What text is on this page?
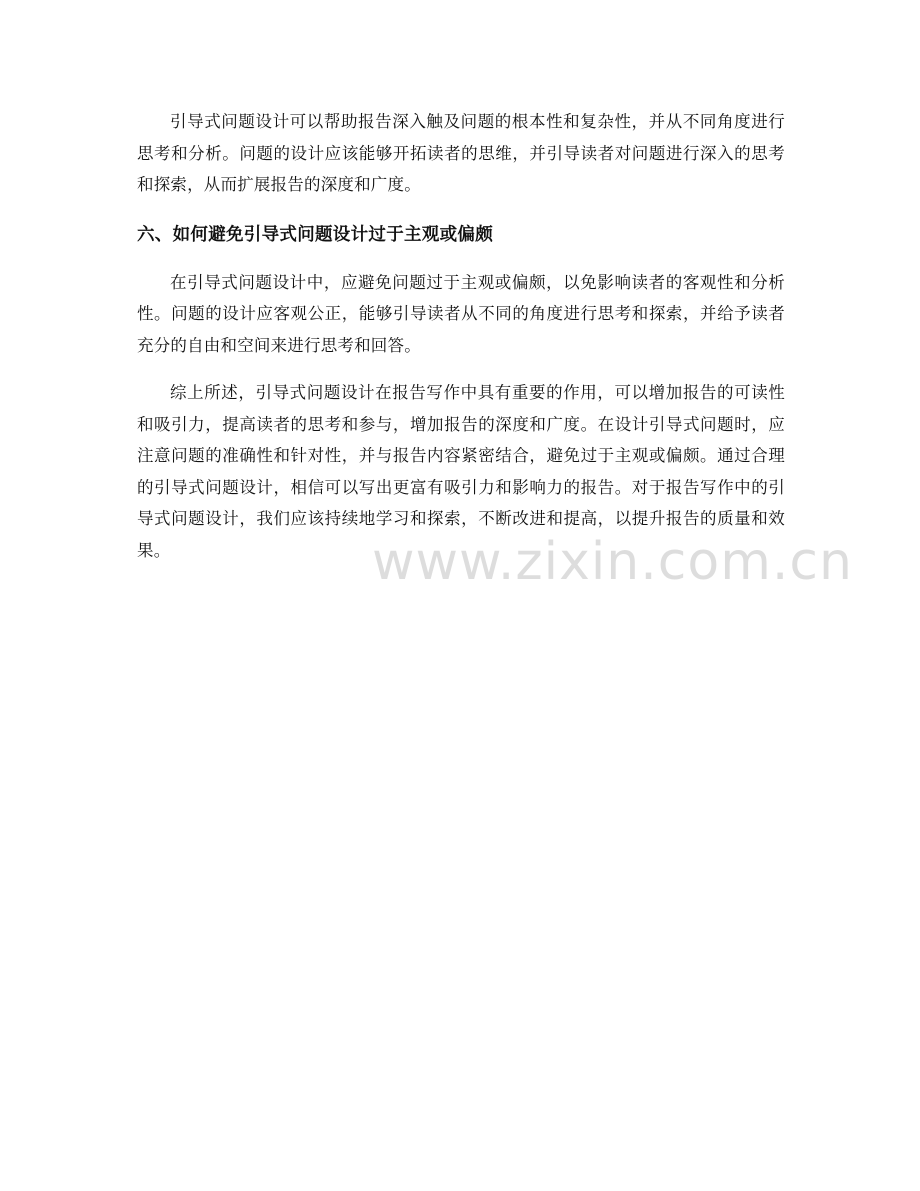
引导式问题设计可以帮助报告深入触及问题的根本性和复杂性，并从不同角度进行思考和分析。问题的设计应该能够开拓读者的思维，并引导读者对问题进行深入的思考和探索，从而扩展报告的深度和广度。

六、如何避免引导式问题设计过于主观或偏颇

在引导式问题设计中，应避免问题过于主观或偏颇，以免影响读者的客观性和分析性。问题的设计应客观公正，能够引导读者从不同的角度进行思考和探索，并给予读者充分的自由和空间来进行思考和回答。

综上所述，引导式问题设计在报告写作中具有重要的作用，可以增加报告的可读性和吸引力，提高读者的思考和参与，增加报告的深度和广度。在设计引导式问题时，应注意问题的准确性和针对性，并与报告内容紧密结合，避免过于主观或偏颇。通过合理的引导式问题设计，相信可以写出更富有吸引力和影响力的报告。对于报告写作中的引导式问题设计，我们应该持续地学习和探索，不断改进和提高，以提升报告的质量和效果。	www.zixin.com.cn
